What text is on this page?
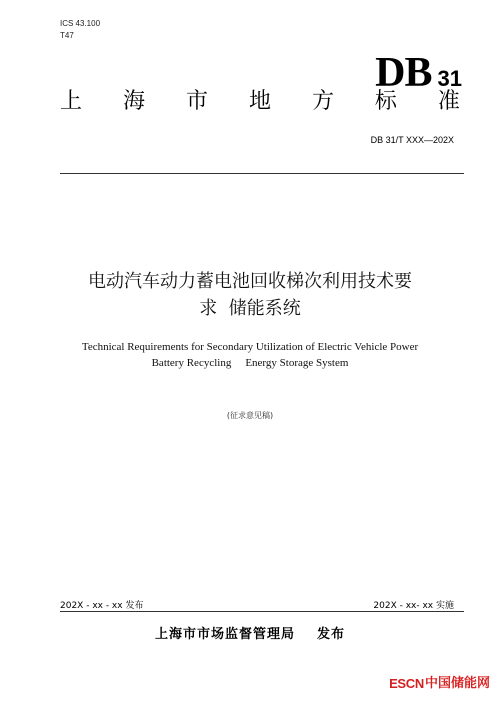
ICS 43.100
T47
DB 31
上 海 市 地 方 标 准
DB 31/T XXX—202X
电动汽车动力蓄电池回收梯次利用技术要
求  储能系统
Technical Requirements for Secondary Utilization of Electric Vehicle Power
Battery Recycling Energy Storage System
(征求意见稿)
202X - xx - xx 发布	202X - xx- xx 实施
上海市市场监督管理局 发布
ESCN 中国储能网
